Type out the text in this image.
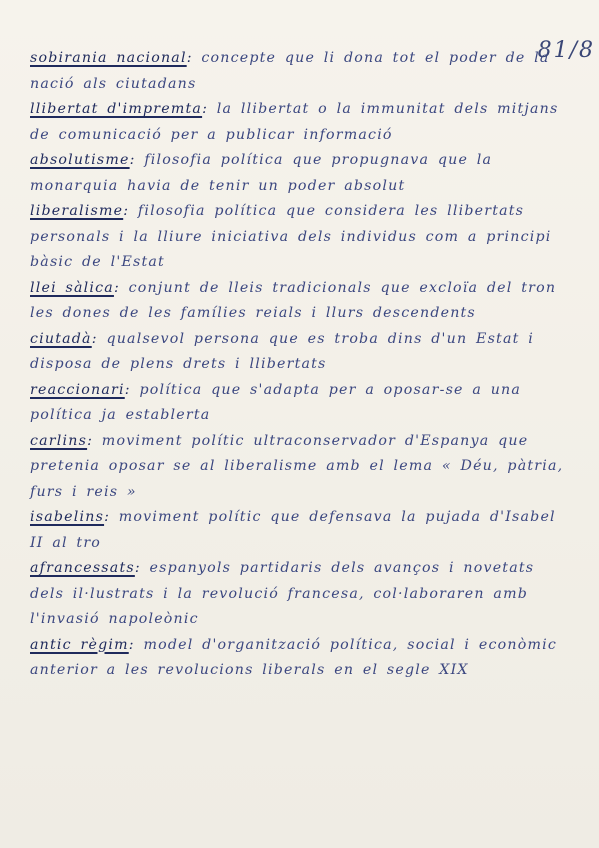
81/8

sobirania nacional: concepte que li dona tot el poder de la nació als ciutadans

llibertat d'impremta: la llibertat o la immunitat dels mitjans de comunicació per a publicar informació

absolutisme: filosofia política que propugnava que la monarquia havia de tenir un poder absolut

liberalisme: filosofia política que considera les llibertats personals i la lliure iniciativa dels individus com a principi bàsic de l'Estat

llei sàlica: conjunt de lleis tradicionals que excloïa del tron les dones de les famílies reials i llurs descendents

ciutadà: qualsevol persona que es troba dins d'un Estat i disposa de plens drets i llibertats

reaccionari: política que s'adapta per a oposar-se a una política ja establerta

carlins: moviment polític ultraconservador d'Espanya que pretenia oposar se al liberalisme amb el lema « Déu, pàtria, furs i reis »

isabelins: moviment polític que defensava la pujada d'Isabel II al tro

afrancessats: espanyols partidaris dels avanços i novetats dels il·lustrats i la revolució francesa, col·laboraren amb l'invasió napoleònic

antic règim: model d'organització política, social i econòmic anterior a les revolucions liberals en el segle XIX
